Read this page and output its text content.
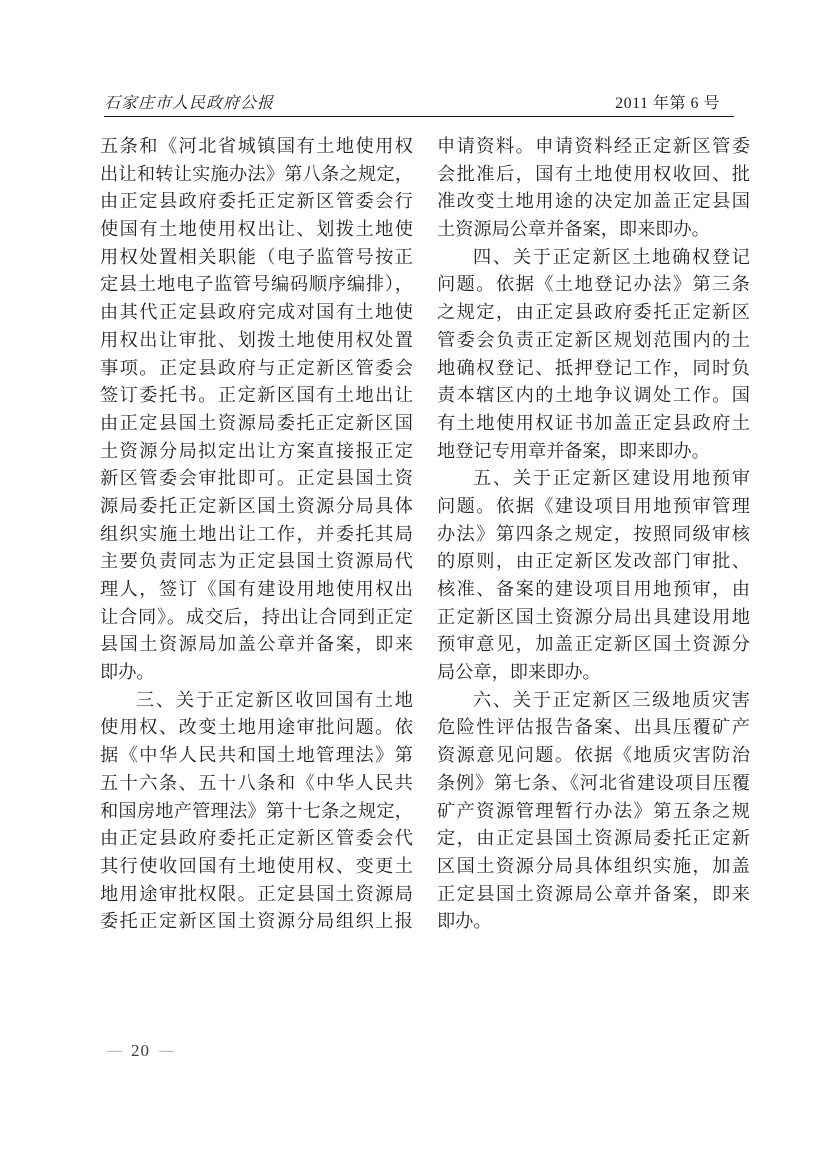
石家庄市人民政府公报	2011 年第 6 号
五条和《河北省城镇国有土地使用权
出让和转让实施办法》第八条之规定，
由正定县政府委托正定新区管委会行
使国有土地使用权出让、划拨土地使
用权处置相关职能（电子监管号按正
定县土地电子监管号编码顺序编排），
由其代正定县政府完成对国有土地使
用权出让审批、划拨土地使用权处置
事项。正定县政府与正定新区管委会
签订委托书。正定新区国有土地出让
由正定县国土资源局委托正定新区国
土资源分局拟定出让方案直接报正定
新区管委会审批即可。正定县国土资
源局委托正定新区国土资源分局具体
组织实施土地出让工作，并委托其局
主要负责同志为正定县国土资源局代
理人，签订《国有建设用地使用权出
让合同》。成交后，持出让合同到正定
县国土资源局加盖公章并备案，即来
即办。
三、关于正定新区收回国有土地
使用权、改变土地用途审批问题。依
据《中华人民共和国土地管理法》第
五十六条、五十八条和《中华人民共
和国房地产管理法》第十七条之规定，
由正定县政府委托正定新区管委会代
其行使收回国有土地使用权、变更土
地用途审批权限。正定县国土资源局
委托正定新区国土资源分局组织上报
申请资料。申请资料经正定新区管委
会批准后，国有土地使用权收回、批
准改变土地用途的决定加盖正定县国
土资源局公章并备案，即来即办。
四、关于正定新区土地确权登记
问题。依据《土地登记办法》第三条
之规定，由正定县政府委托正定新区
管委会负责正定新区规划范围内的土
地确权登记、抵押登记工作，同时负
责本辖区内的土地争议调处工作。国
有土地使用权证书加盖正定县政府土
地登记专用章并备案，即来即办。
五、关于正定新区建设用地预审
问题。依据《建设项目用地预审管理
办法》第四条之规定，按照同级审核
的原则，由正定新区发改部门审批、
核准、备案的建设项目用地预审，由
正定新区国土资源分局出具建设用地
预审意见，加盖正定新区国土资源分
局公章，即来即办。
六、关于正定新区三级地质灾害
危险性评估报告备案、出具压覆矿产
资源意见问题。依据《地质灾害防治
条例》第七条、《河北省建设项目压覆
矿产资源管理暂行办法》第五条之规
定，由正定县国土资源局委托正定新
区国土资源分局具体组织实施，加盖
正定县国土资源局公章并备案，即来
即办。
— 20 —
